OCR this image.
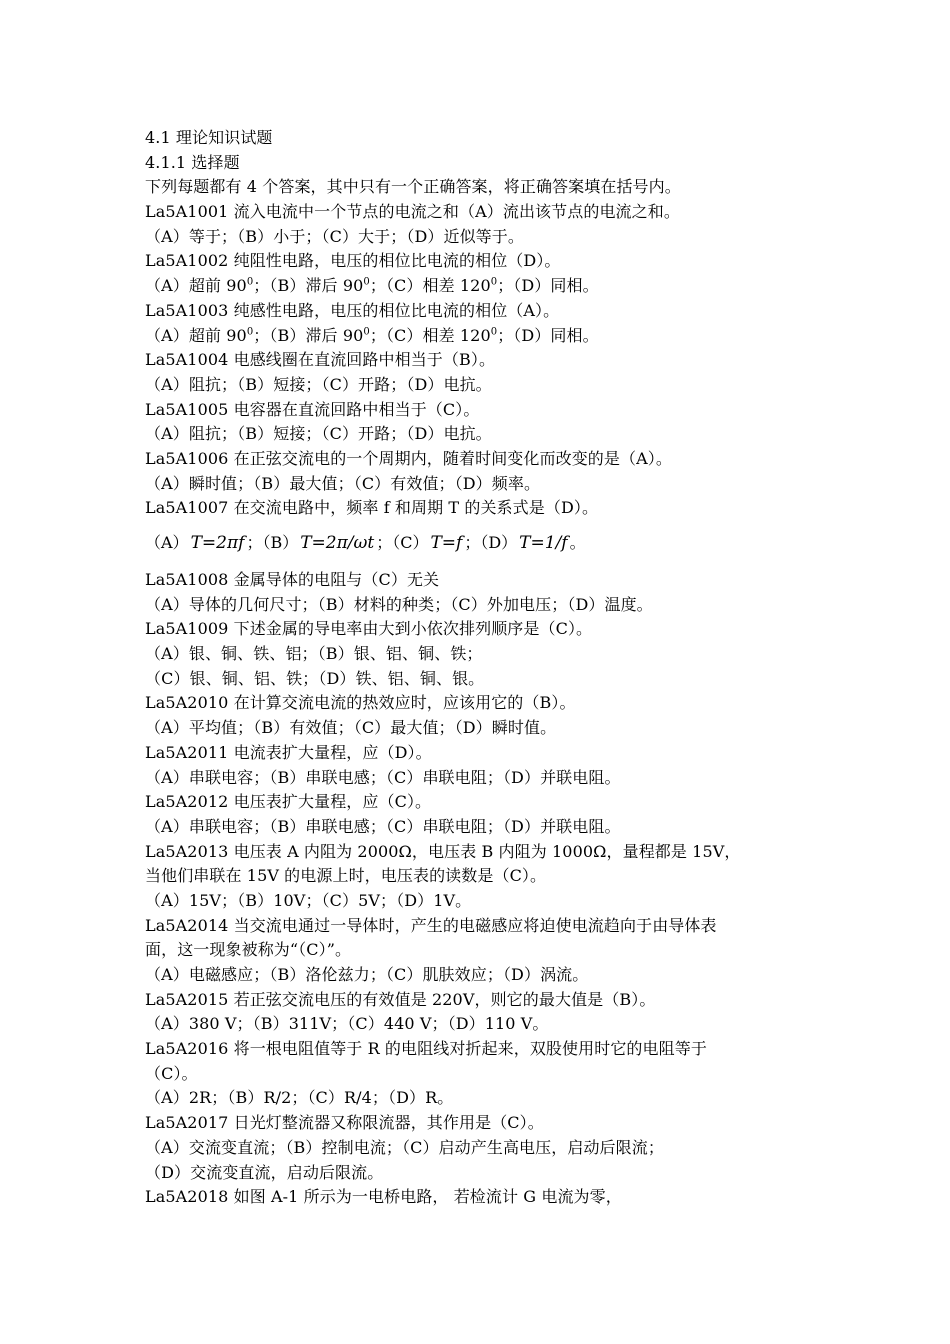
4.1 理论知识试题
4.1.1 选择题
下列每题都有 4 个答案，其中只有一个正确答案，将正确答案填在括号内。
La5A1001 流入电流中一个节点的电流之和（A）流出该节点的电流之和。
（A）等于；（B）小于；（C）大于；（D）近似等于。
La5A1002 纯阻性电路，电压的相位比电流的相位（D）。
（A）超前 $90^0$；（B）滞后 $90^0$；（C）相差 $120^0$；（D）同相。
La5A1003 纯感性电路，电压的相位比电流的相位（A）。
（A）超前 $90^0$；（B）滞后 $90^0$；（C）相差 $120^0$；（D）同相。
La5A1004 电感线圈在直流回路中相当于（B）。
（A）阻抗；（B）短接；（C）开路；（D）电抗。
La5A1005 电容器在直流回路中相当于（C）。
（A）阻抗；（B）短接；（C）开路；（D）电抗。
La5A1006 在正弦交流电的一个周期内，随着时间变化而改变的是（A）。
（A）瞬时值；（B）最大值；（C）有效值；（D）频率。
La5A1007 在交流电路中，频率 f 和周期 T 的关系式是（D）。
（A） T=2πf ；（B） T=2π/ωt ；（C） T=f ；（D） T=1/f 。
La5A1008 金属导体的电阻与（C）无关
（A）导体的几何尺寸；（B）材料的种类；（C）外加电压；（D）温度。
La5A1009 下述金属的导电率由大到小依次排列顺序是（C）。
（A）银、铜、铁、铝；（B）银、铝、铜、铁；
（C）银、铜、铝、铁；（D）铁、铝、铜、银。
La5A2010 在计算交流电流的热效应时，应该用它的（B）。
（A）平均值；（B）有效值；（C）最大值；（D）瞬时值。
La5A2011 电流表扩大量程，应（D）。
（A）串联电容；（B）串联电感；（C）串联电阻；（D）并联电阻。
La5A2012 电压表扩大量程，应（C）。
（A）串联电容；（B）串联电感；（C）串联电阻；（D）并联电阻。
La5A2013 电压表 A 内阻为 2000Ω，电压表 B 内阻为 1000Ω，量程都是 15V，
当他们串联在 15V 的电源上时，电压表的读数是（C）。
（A）15V；（B）10V；（C）5V；（D）1V。
La5A2014 当交流电通过一导体时，产生的电磁感应将迫使电流趋向于由导体表
面，这一现象被称为“（C）”。
（A）电磁感应；（B）洛伦兹力；（C）肌肤效应；（D）涡流。
La5A2015 若正弦交流电压的有效值是 220V，则它的最大值是（B）。
（A）380 V；（B）311V；（C）440 V；（D）110 V。
La5A2016 将一根电阻值等于 R 的电阻线对折起来，双股使用时它的电阻等于
（C）。
（A）2R；（B）R/2；（C）R/4；（D）R。
La5A2017 日光灯整流器又称限流器，其作用是（C）。
（A）交流变直流；（B）控制电流；（C）启动产生高电压，启动后限流；
（D）交流变直流，启动后限流。
La5A2018 如图 A-1 所示为一电桥电路， 若检流计 G 电流为零，
